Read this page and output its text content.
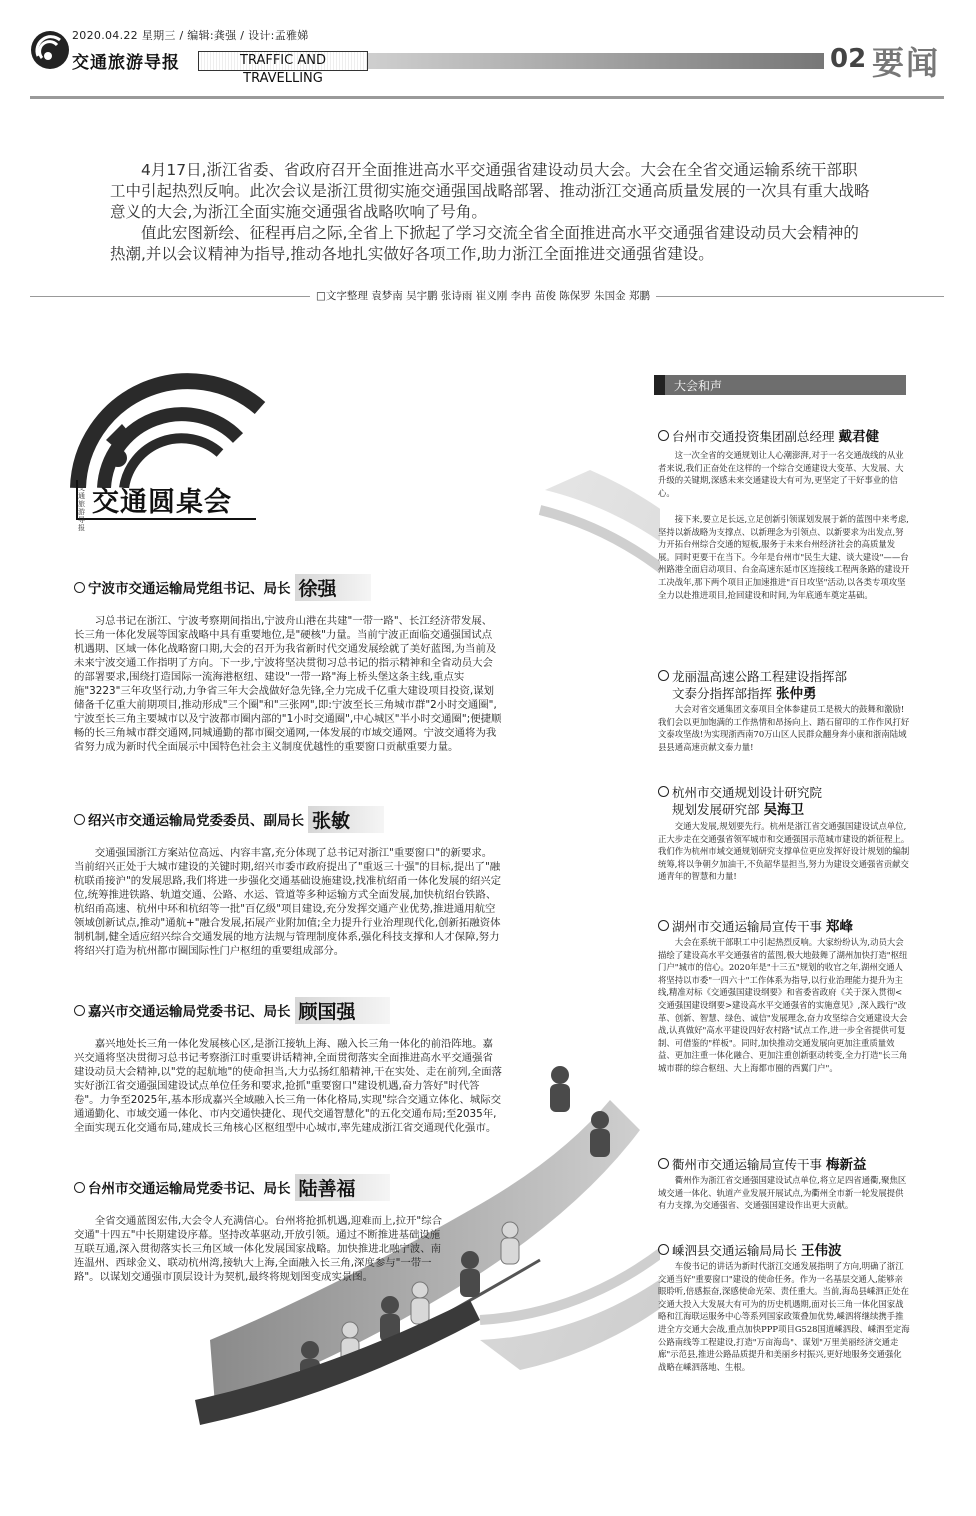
2020.04.22 星期三 / 编辑:龚强 / 设计:孟雅娣
交通旅游导报	TRAFFIC AND TRAVELLING
02 要闻

4月17日,浙江省委、省政府召开全面推进高水平交通强省建设动员大会。大会在全省交通运输系统干部职工中引起热烈反响。此次会议是浙江贯彻实施交通强国战略部署、推动浙江交通高质量发展的一次具有重大战略意义的大会,为浙江全面实施交通强省战略吹响了号角。

值此宏图新绘、征程再启之际,全省上下掀起了学习交流全省全面推进高水平交通强省建设动员大会精神的热潮,并以会议精神为指导,推动各地扎实做好各项工作,助力浙江全面推进交通强省建设。

□文字整理 袁梦南 吴宇鹏 张诗雨 崔义刚 李冉 苗俊 陈保罗 朱国金 郑鹏
交通旅游导报
交通圆桌会
宁波市交通运输局党组书记、局长 徐强

习总书记在浙江、宁波考察期间指出,宁波舟山港在共建"一带一路"、长江经济带发展、长三角一体化发展等国家战略中具有重要地位,是"硬核"力量。当前宁波正面临交通强国试点机遇期、区域一体化战略窗口期,大会的召开为我省新时代交通发展绘就了美好蓝图,为当前及未来宁波交通工作指明了方向。下一步,宁波将坚决贯彻习总书记的指示精神和全省动员大会的部署要求,围绕打造国际一流海港枢纽、建设"一带一路"海上桥头堡这条主线,重点实施"3223"三年攻坚行动,力争省三年大会战做好急先锋,全力完成千亿重大建设项目投资,谋划储备千亿重大前期项目,推动形成"三个圈"和"三张网",即:宁波至长三角城市群"2小时交通圈",宁波至长三角主要城市以及宁波都市圈内部的"1小时交通圈",中心城区"半小时交通圈";便捷顺畅的长三角城市群交通网,同城通勤的都市圈交通网,一体发展的市域交通网。宁波交通将为我省努力成为新时代全面展示中国特色社会主义制度优越性的重要窗口贡献重要力量。

绍兴市交通运输局党委委员、副局长 张敏

交通强国浙江方案站位高远、内容丰富,充分体现了总书记对浙江"重要窗口"的新要求。当前绍兴正处于大城市建设的关键时期,绍兴市委市政府提出了"重返三十强"的目标,提出了"融杭联甬接沪"的发展思路,我们将进一步强化交通基础设施建设,找准杭绍甬一体化发展的绍兴定位,统筹推进铁路、轨道交通、公路、水运、管道等多种运输方式全面发展,加快杭绍台铁路、杭绍甬高速、杭州中环和杭绍等一批"百亿级"项目建设,充分发挥交通产业优势,推进通用航空领域创新试点,推动"通航+"融合发展,拓展产业附加值;全力提升行业治理现代化,创新拓融资体制机制,健全适应绍兴综合交通发展的地方法规与管理制度体系,强化科技支撑和人才保障,努力将绍兴打造为杭州都市圈国际性门户枢纽的重要组成部分。

嘉兴市交通运输局党委书记、局长 顾国强

嘉兴地处长三角一体化发展核心区,是浙江接轨上海、融入长三角一体化的前沿阵地。嘉兴交通将坚决贯彻习总书记考察浙江时重要讲话精神,全面贯彻落实全面推进高水平交通强省建设动员大会精神,以"党的起航地"的使命担当,大力弘扬红船精神,干在实处、走在前列,全面落实好浙江省交通强国建设试点单位任务和要求,抢抓"重要窗口"建设机遇,奋力答好"时代答卷"。力争至2025年,基本形成嘉兴全域融入长三角一体化格局,实现"综合交通立体化、城际交通通勤化、市域交通一体化、市内交通快捷化、现代交通智慧化"的五化交通布局;至2035年,全面实现五化交通布局,建成长三角核心区枢纽型中心城市,率先建成浙江省交通现代化强市。

台州市交通运输局党委书记、局长 陆善福

全省交通蓝图宏伟,大会令人充满信心。台州将抢抓机遇,迎难而上,拉开"综合交通"十四五"中长期建设序幕。坚持改革驱动,开放引领。通过不断推进基础设施互联互通,深入贯彻落实长三角区域一体化发展国家战略。加快推进北融宁波、南连温州、西球金义、联动杭州湾,接轨大上海,全面融入长三角,深度参与"一带一路"。以谋划交通强市顶层设计为契机,最终将规划图变成实景图。

大会和声
台州市交通投资集团副总经理 戴君健

这一次全省的交通规划让人心潮澎湃,对于一名交通战线的从业者来说,我们正奋处在这样的一个综合交通建设大变革、大发展、大升级的关键期,深感未来交通建设大有可为,更坚定了干好事业的信心。

接下来,要立足长远,立足创新引领谋划发展于新的蓝图中来考虑,坚持以新战略为支撑点、以新理念为引领点、以新要求为出发点,努力开拓台州综合交通的短板,服务于未来台州经济社会的高质量发展。同时更要干在当下。今年是台州市"民生大建、谈大建设"——台州路港全面启动项目、台金高速东延市区连接线工程两条路的建设开工决战年,那下两个项目正加速推进"百日攻坚"活动,以各类专项攻坚全力以赴推进项目,抢回建设和时间,为年底通车奠定基础。

龙丽温高速公路工程建设指挥部
文泰分指挥部指挥 张仲勇

大会对省交通集团文泰项目全体参建员工是极大的鼓舞和激励!我们会以更加饱满的工作热情和昂扬向上、踏石留印的工作作风打好文泰攻坚战!为实现浙西南70万山区人民群众翻身奔小康和浙南陆域县县通高速贡献文泰力量!

杭州市交通规划设计研究院
规划发展研究部 吴海卫

交通大发展,规划要先行。杭州是浙江省交通强国建设试点单位,正大步走在交通强省领军城市和交通强国示范城市建设的新征程上。我们作为杭州市域交通规划研究支撑单位更应发挥好设计规划的编制统筹,将以争朝夕加油干,不负韶华显担当,努力为建设交通强省贡献交通青年的智慧和力量!

湖州市交通运输局宣传干事 郑峰

大会在系统干部职工中引起热烈反响。大家纷纷认为,动员大会描绘了建设高水平交通强省的蓝图,极大地鼓舞了湖州加快打造"枢纽门户"城市的信心。2020年是"十三五"规划的收官之年,湖州交通人将坚持以市委"一四六十"工作体系为指导,以行业治理能力提升为主线,精准对标《交通强国建设纲要》和省委省政府《关于深入贯彻<交通强国建设纲要>建设高水平交通强省的实施意见》,深入践行"改革、创新、智慧、绿色、诚信"发展理念,奋力攻坚综合交通建设大会战,认真做好"高水平建设四好农村路"试点工作,进一步全省提供可复制、可借鉴的"样板"。同时,加快推动交通发展向更加注重质量效益、更加注重一体化融合、更加注重创新驱动转变,全力打造"长三角城市群的综合枢纽、大上海都市圈的西翼门户"。

衢州市交通运输局宣传干事 梅新益

衢州作为浙江省交通强国建设试点单位,将立足四省通衢,聚焦区域交通一体化、轨道产业发展开展试点,为衢州全市新一轮发展提供有力支撑,为交通强省、交通强国建设作出更大贡献。

嵊泗县交通运输局局长 王伟波

车俊书记的讲话为新时代浙江交通发展指明了方向,明确了浙江交通当好"重要窗口"建设的使命任务。作为一名基层交通人,能够亲眼聆听,倍感振奋,深感使命光荣、责任重大。当前,海岛县嵊泗正处在交通大投入大发展大有可为的历史机遇期,面对长三角一体化国家战略和江海联运服务中心等系列国家政策叠加优势,嵊泗将继续携手推进全方交通大会战,重点加快PPP项目G528国道嵊泗段、嵊泗至定海公路南线等工程建设,打造"万亩海岛"、谋划"万里美丽经济交通走廊"示范县,推进公路品质提升和美丽乡村振兴,更好地服务交通强化战略在嵊泗落地、生根。
